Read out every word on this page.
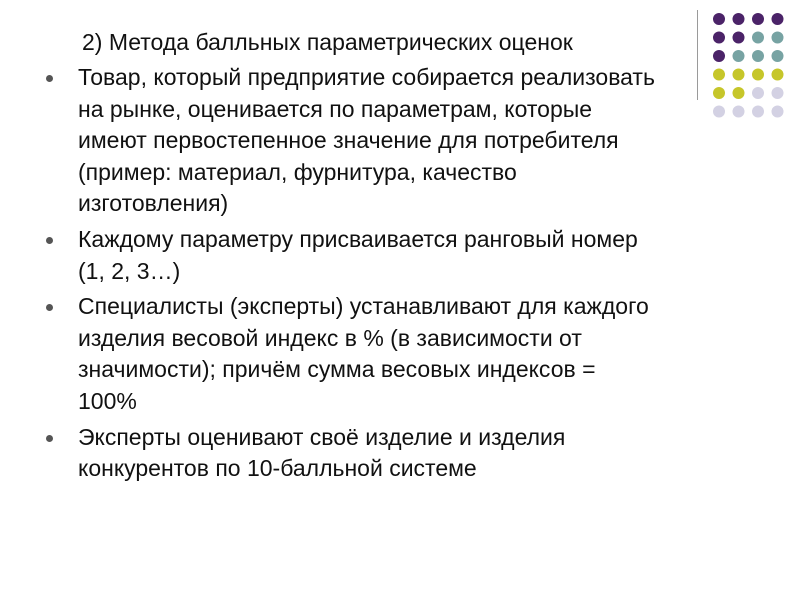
2) Метода балльных параметрических оценок
Товар, который предприятие собирается реализовать
на рынке, оценивается по параметрам, которые
имеют первостепенное значение для потребителя
(пример: материал, фурнитура, качество
изготовления)
Каждому параметру присваивается ранговый номер
(1, 2, 3…)
Специалисты (эксперты) устанавливают для каждого
изделия весовой индекс в % (в зависимости от
значимости); причём сумма весовых индексов =
100%
Эксперты оценивают своё изделие и изделия
конкурентов по 10-балльной системе
